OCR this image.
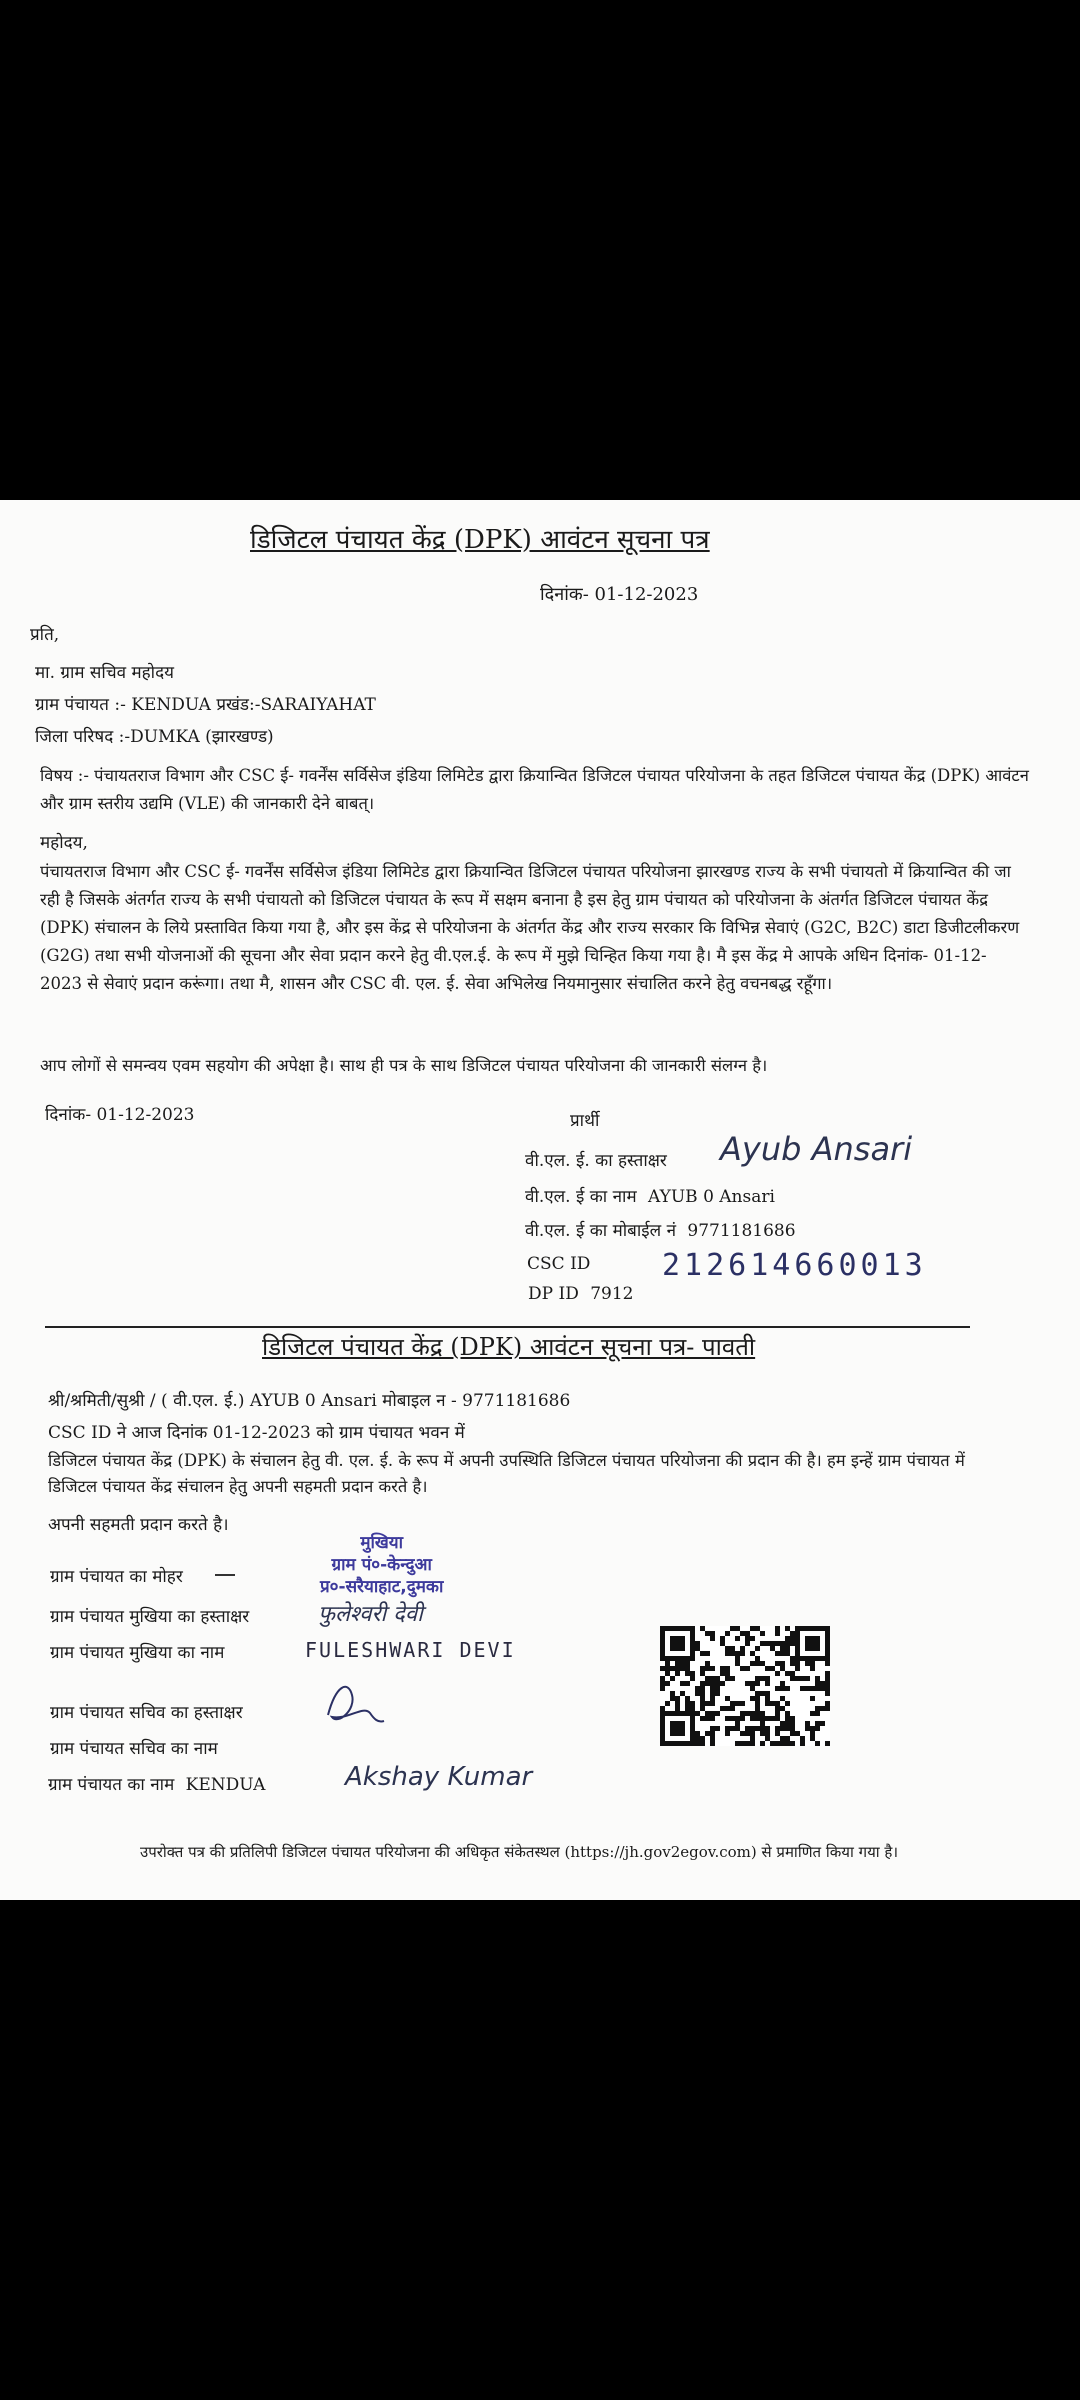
डिजिटल पंचायत केंद्र (DPK) आवंटन सूचना पत्र
दिनांक- 01-12-2023
प्रति,
मा. ग्राम सचिव महोदय
ग्राम पंचायत :- KENDUA प्रखंड:-SARAIYAHAT
जिला परिषद :-DUMKA (झारखण्ड)
विषय :- पंचायतराज विभाग और CSC ई- गवर्नेंस सर्विसेज इंडिया लिमिटेड द्वारा क्रियान्वित डिजिटल पंचायत परियोजना के तहत डिजिटल पंचायत केंद्र (DPK) आवंटन और ग्राम स्तरीय उद्यमि (VLE) की जानकारी देने बाबत्।
महोदय,
पंचायतराज विभाग और CSC ई- गवर्नेंस सर्विसेज इंडिया लिमिटेड द्वारा क्रियान्वित डिजिटल पंचायत परियोजना झारखण्ड राज्य के सभी पंचायतो में क्रियान्वित की जा रही है जिसके अंतर्गत राज्य के सभी पंचायतो को डिजिटल पंचायत के रूप में सक्षम बनाना है इस हेतु ग्राम पंचायत को परियोजना के अंतर्गत डिजिटल पंचायत केंद्र (DPK) संचालन के लिये प्रस्तावित किया गया है, और इस केंद्र से परियोजना के अंतर्गत केंद्र और राज्य सरकार कि विभिन्न सेवाएं (G2C, B2C) डाटा डिजीटलीकरण (G2G) तथा सभी योजनाओं की सूचना और सेवा प्रदान करने हेतु वी.एल.ई. के रूप में मुझे चिन्हित किया गया है। मै इस केंद्र मे आपके अधिन दिनांक- 01-12-2023 से सेवाएं प्रदान करूंगा। तथा मै, शासन और CSC वी. एल. ई. सेवा अभिलेख नियमानुसार संचालित करने हेतु वचनबद्ध रहूँगा।
आप लोगों से समन्वय एवम सहयोग की अपेक्षा है। साथ ही पत्र के साथ डिजिटल पंचायत परियोजना की जानकारी संलग्न है।
दिनांक- 01-12-2023	प्रार्थी
वी.एल. ई. का हस्ताक्षर Ayub Ansari
वी.एल. ई का नाम AYUB 0 Ansari
वी.एल. ई का मोबाईल नं 9771181686
CSC ID 212614660013
DP ID 7912
डिजिटल पंचायत केंद्र (DPK) आवंटन सूचना पत्र- पावती
श्री/श्रमिती/सुश्री / ( वी.एल. ई.) AYUB 0 Ansari मोबाइल न - 9771181686
CSC ID ने आज दिनांक 01-12-2023 को ग्राम पंचायत भवन में
डिजिटल पंचायत केंद्र (DPK) के संचालन हेतु वी. एल. ई. के रूप में अपनी उपस्थिति डिजिटल पंचायत परियोजना की प्रदान की है। हम इन्हें ग्राम पंचायत में डिजिटल पंचायत केंद्र संचालन हेतु अपनी सहमती प्रदान करते है।
अपनी सहमती प्रदान करते है।
ग्राम पंचायत का मोहर
मुखिया
ग्राम पं०-केन्दुआ
प्र०-सरैयाहाट,दुमका
ग्राम पंचायत मुखिया का हस्ताक्षर	फुलेश्वरी देवी
ग्राम पंचायत मुखिया का नाम	FULESHWARI DEVI
ग्राम पंचायत सचिव का हस्ताक्षर
ग्राम पंचायत सचिव का नाम
ग्राम पंचायत का नाम KENDUA	Akshay Kumar
उपरोक्त पत्र की प्रतिलिपी डिजिटल पंचायत परियोजना की अधिकृत संकेतस्थल (https://jh.gov2egov.com) से प्रमाणित किया गया है।
